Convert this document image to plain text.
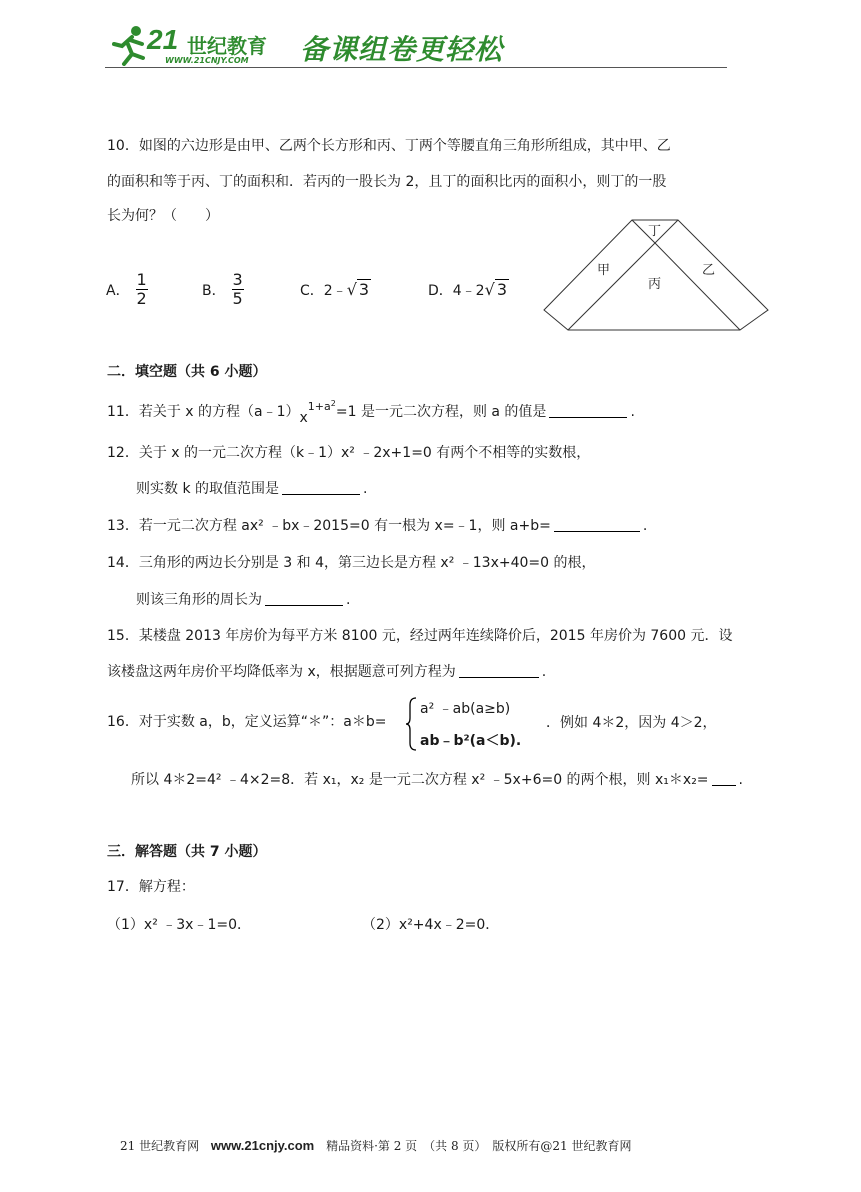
21 世纪教育
WWW.21CNJY.COM 备课组卷更轻松
10．如图的六边形是由甲、乙两个长方形和丙、丁两个等腰直角三角形所组成，其中甲、乙
的面积和等于丙、丁的面积和．若丙的一股长为 2，且丁的面积比丙的面积小，则丁的一股
长为何？（　　）
A． $\frac{1}{2}$	B． $\frac{3}{5}$	C．2﹣√ 3	D．4﹣2√ 3
甲	乙
丙
丁
二．填空题（共 6 小题）
11．若关于 x 的方程$(a﹣1)x^{1+a^2}=1$ 是一元二次方程，则 a 的值是	.
12．关于 x 的一元二次方程（k﹣1）x² ﹣2x+1=0 有两个不相等的实数根，
则实数 k 的取值范围是	.
13．若一元二次方程 ax² ﹣bx﹣2015=0 有一根为 x=﹣1，则 a+b=	.
14．三角形的两边长分别是 3 和 4，第三边长是方程 x² ﹣13x+40=0 的根，
则该三角形的周长为	.
15．某楼盘 2013 年房价为每平方米 8100 元，经过两年连续降价后，2015 年房价为 7600 元．设
该楼盘这两年房价平均降低率为 x，根据题意可列方程为	.
16．对于实数 a，b，定义运算“＊”：a＊b=
a² ﹣ab(a≥b)
ab﹣b²(a＜b).
．例如 4＊2，因为 4＞2，
所以 4＊2=4² ﹣4×2=8．若 x₁，x₂ 是一元二次方程 x² ﹣5x+6=0 的两个根，则 x₁＊x₂= .
三．解答题（共 7 小题）
17．解方程：
（1）x² ﹣3x﹣1=0．	（2）x²+4x﹣2=0．
21 世纪教育网 www.21cnjy.com 精品资料·第 2 页　（共 8 页）　版权所有@21 世纪教育网
